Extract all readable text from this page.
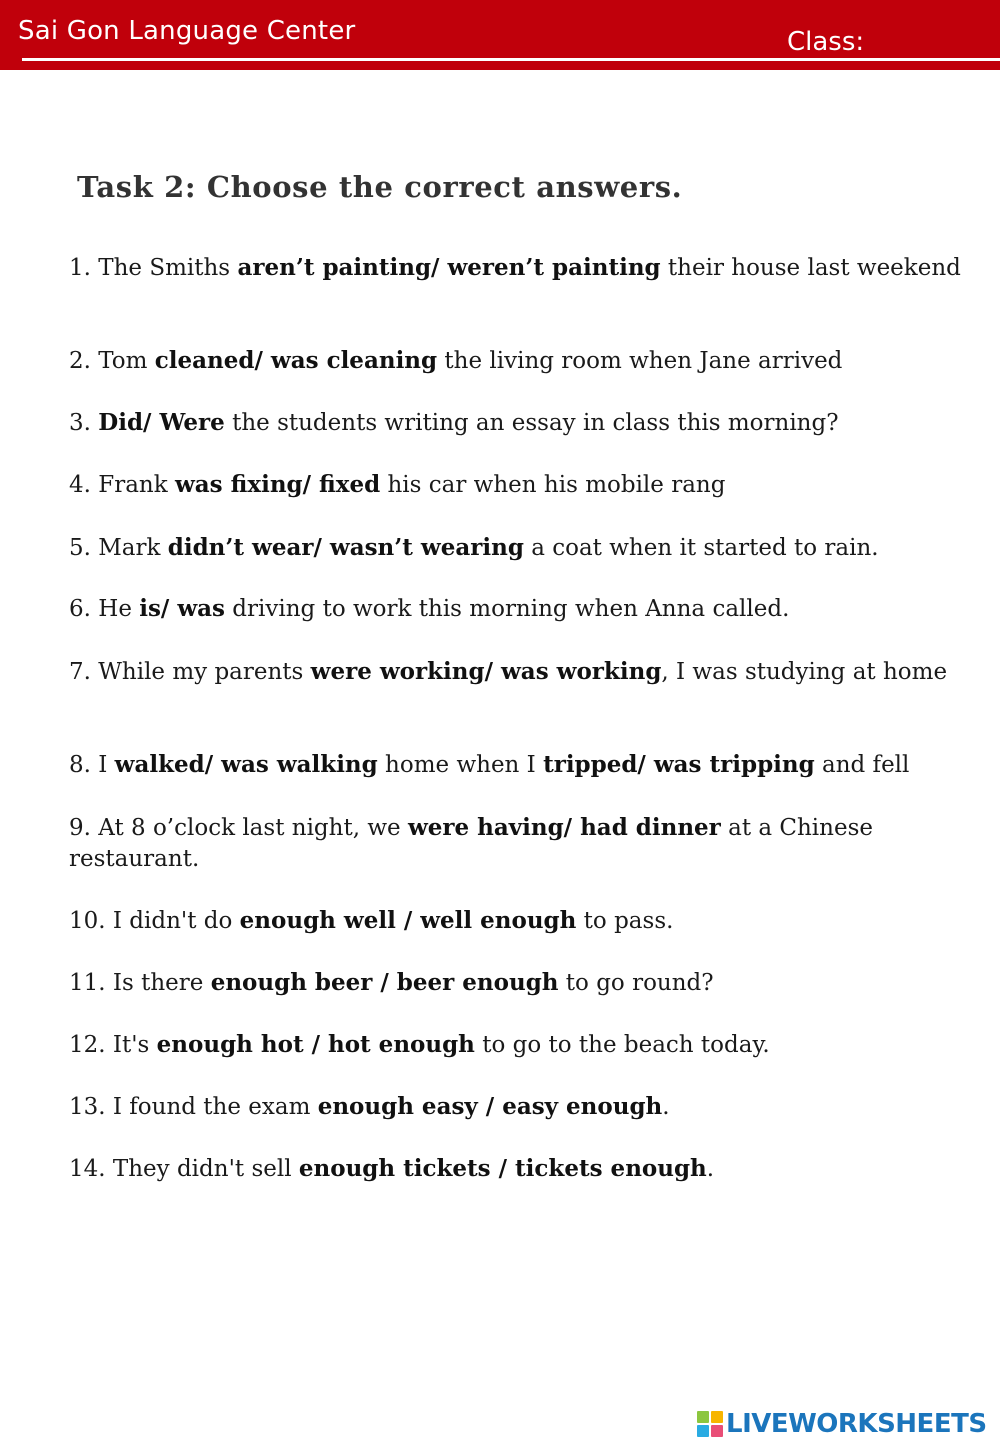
Sai Gon Language Center	Class:
Task 2: Choose the correct answers.
1. The Smiths aren’t painting/ weren’t painting their house last weekend
2. Tom cleaned/ was cleaning the living room when Jane arrived
3. Did/ Were the students writing an essay in class this morning?
4. Frank was fixing/ fixed his car when his mobile rang
5. Mark didn’t wear/ wasn’t wearing a coat when it started to rain.
6. He is/ was driving to work this morning when Anna called.
7. While my parents were working/ was working, I was studying at home
8. I walked/ was walking home when I tripped/ was tripping and fell
9. At 8 o’clock last night, we were having/ had dinner at a Chinese restaurant.
10. I didn't do enough well / well enough to pass.
11. Is there enough beer / beer enough to go round?
12. It's enough hot / hot enough to go to the beach today.
13. I found the exam enough easy / easy enough.
14. They didn't sell enough tickets / tickets enough.
LIVEWORKSHEETS
